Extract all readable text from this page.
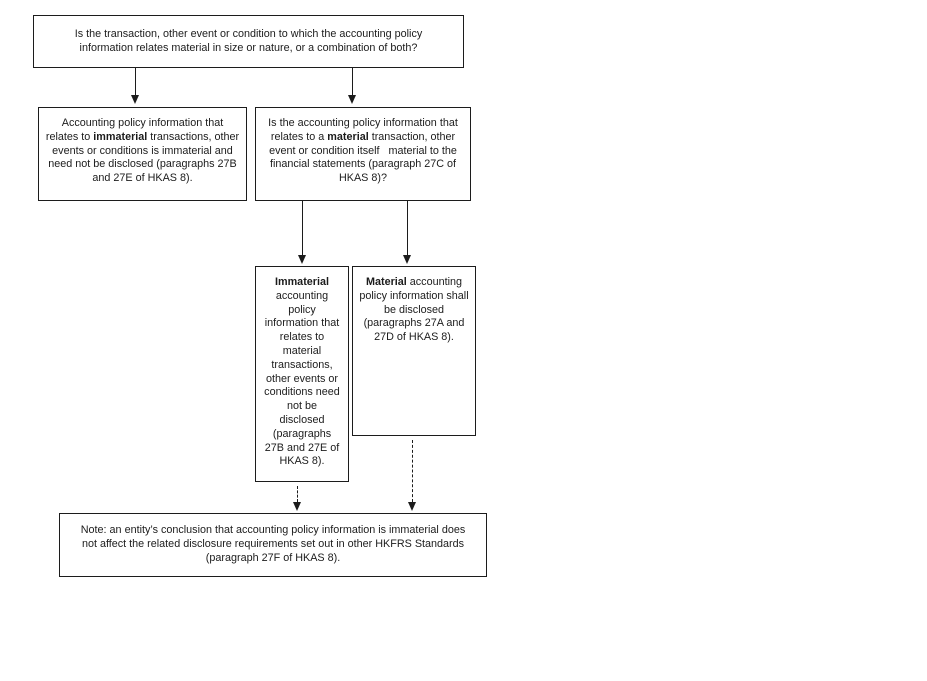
Is the transaction, other event or condition to which the accounting policy information relates material in size or nature, or a combination of both?
Accounting policy information that relates to immaterial transactions, other events or conditions is immaterial and need not be disclosed (paragraphs 27B and 27E of HKAS 8).
Is the accounting policy information that relates to a material transaction, other event or condition itself   material to the financial statements (paragraph 27C of HKAS 8)?
Immaterial accounting policy information that relates to material transactions, other events or conditions need not be disclosed (paragraphs 27B and 27E of HKAS 8).
Material accounting policy information shall be disclosed (paragraphs 27A and 27D of HKAS 8).
Note: an entity’s conclusion that accounting policy information is immaterial does not affect the related disclosure requirements set out in other HKFRS Standards (paragraph 27F of HKAS 8).
